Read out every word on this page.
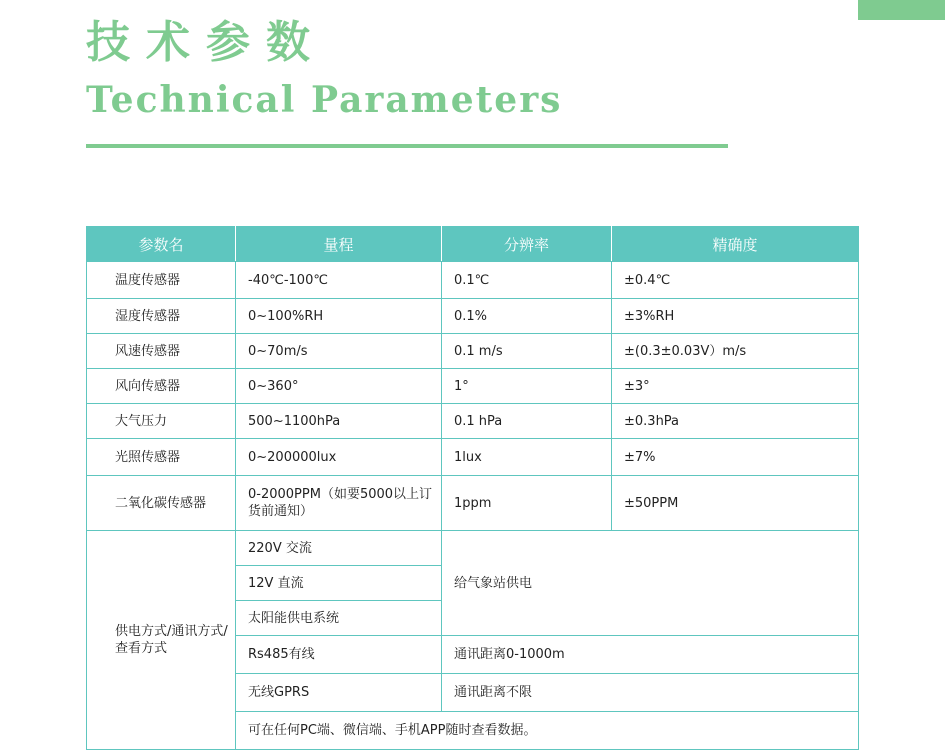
技术参数
Technical Parameters
参数名	量程	分辨率	精确度
温度传感器	-40℃-100℃	0.1℃	±0.4℃
湿度传感器	0~100%RH	0.1%	±3%RH
风速传感器	0~70m/s	0.1 m/s	±(0.3±0.03V）m/s
风向传感器	0~360°	1°	±3°
大气压力	500~1100hPa	0.1 hPa	±0.3hPa
光照传感器	0~200000lux	1lux	±7%
二氧化碳传感器	0-2000PPM（如要5000以上订货前通知）	1ppm	±50PPM
供电方式/通讯方式/查看方式	220V 交流	给气象站供电	
	12V 直流		
	太阳能供电系统		
	Rs485有线	通讯距离0-1000m	
	无线GPRS	通讯距离不限	
	可在任何PC端、微信端、手机APP随时查看数据。		
